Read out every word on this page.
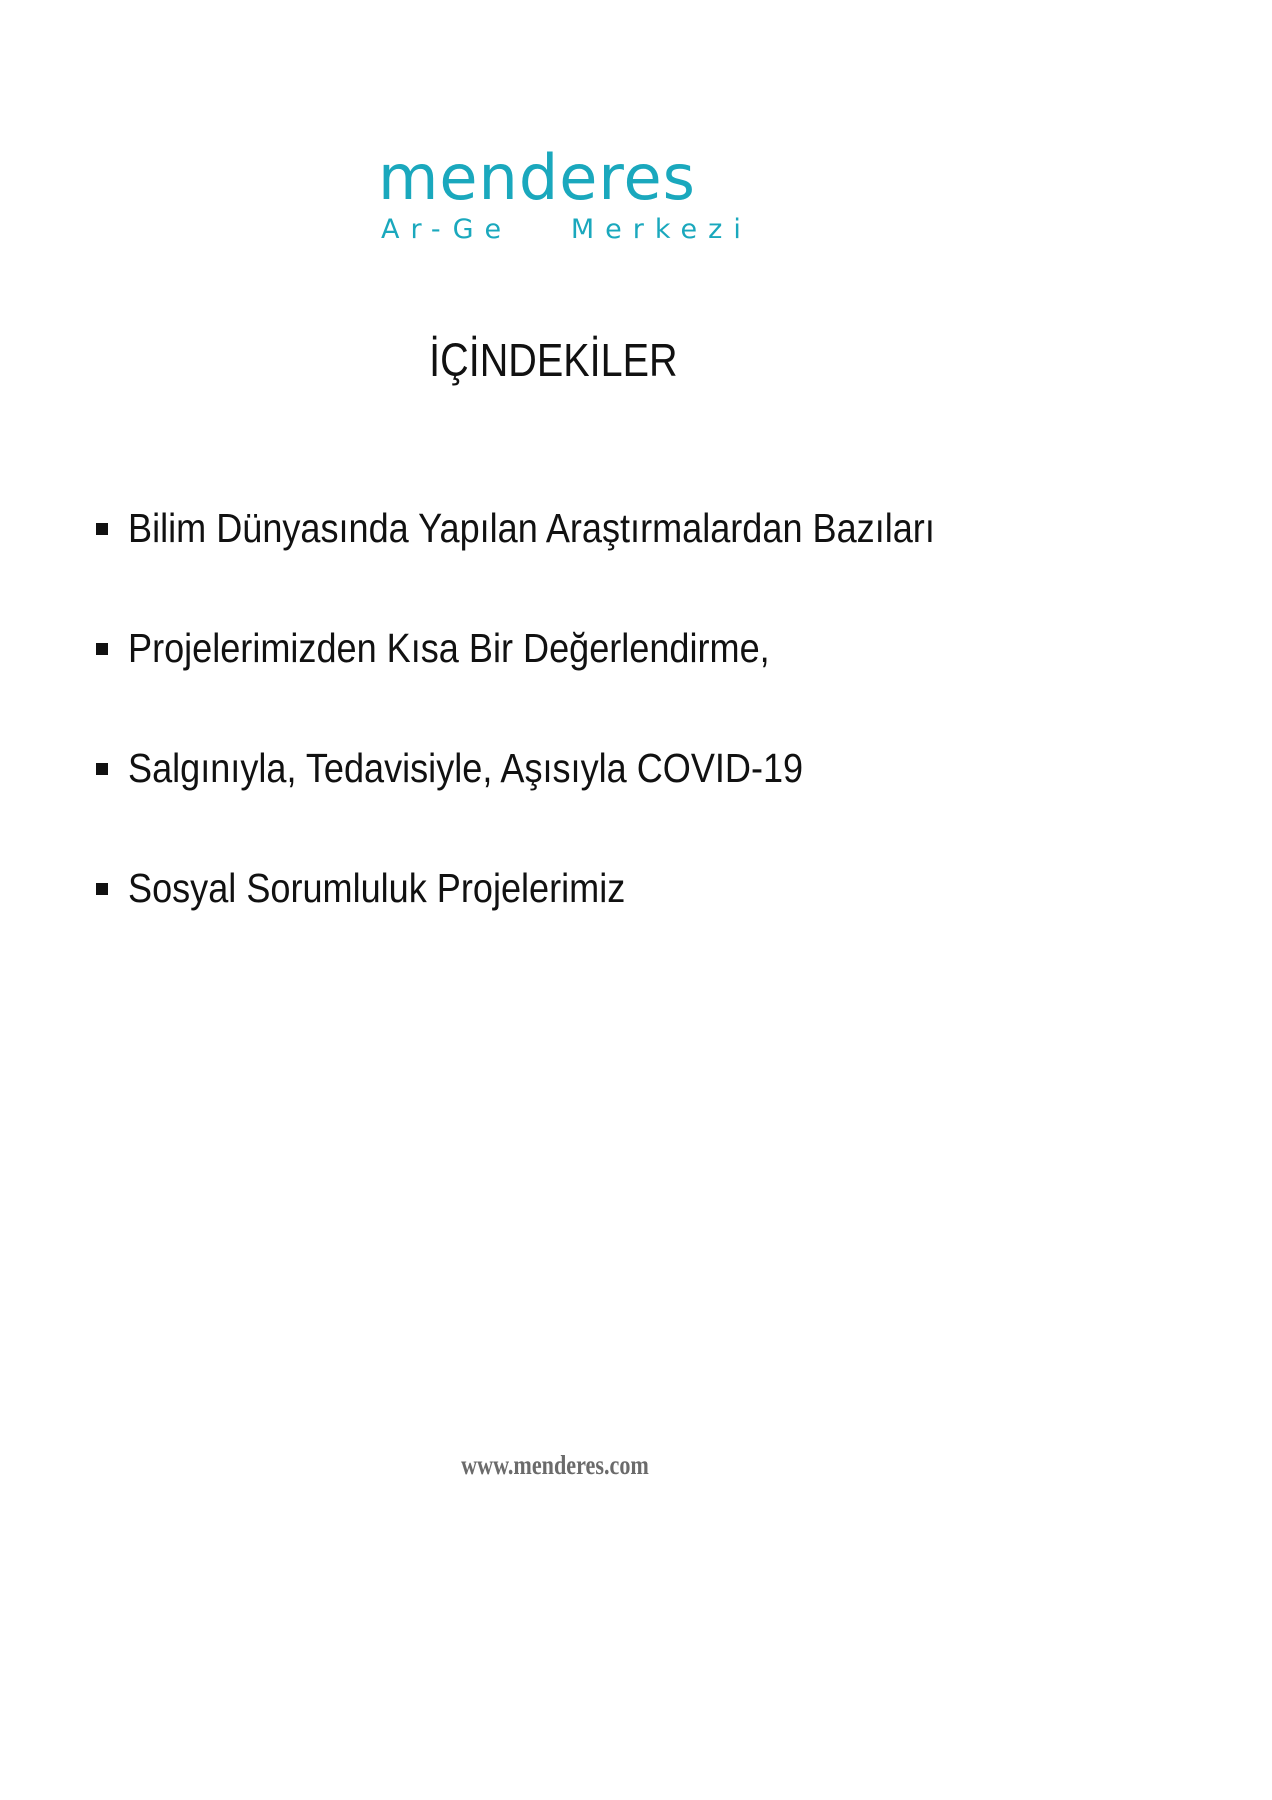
menderes
Ar-Ge   Merkezi
İÇİNDEKİLER
Bilim Dünyasında Yapılan Araştırmalardan Bazıları
Projelerimizden Kısa Bir Değerlendirme,
Salgınıyla, Tedavisiyle, Aşısıyla COVID-19
Sosyal Sorumluluk Projelerimiz
www.menderes.com
